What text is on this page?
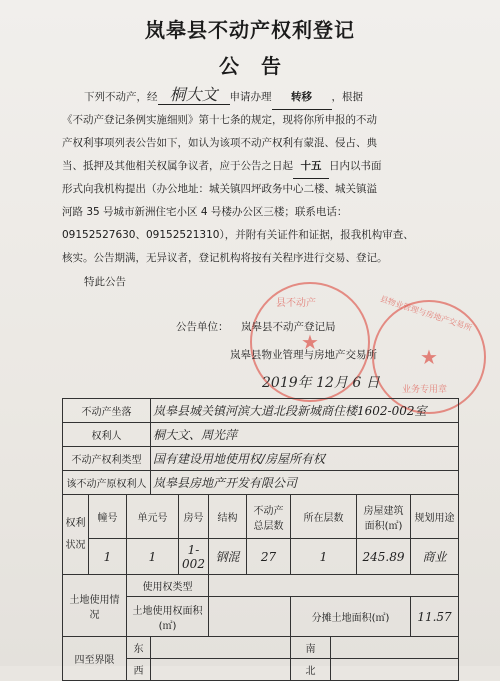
岚皋县不动产权利登记
公告
下列不动产，经 桐大文 申请办理 转移 ，根据
《不动产登记条例实施细则》第十七条的规定，现将你所申报的不动
产权利事项列表公告如下，如认为该项不动产权利有蒙混、侵占、典
当、抵押及其他相关权属争议者，应于公告之日起 十五 日内以书面
形式向我机构提出（办公地址：城关镇四坪政务中心二楼、城关镇溢
河路 35 号城市新洲住宅小区 4 号楼办公区三楼；联系电话：
09152527630、09152521310），并附有关证件和证据，报我机构审查、
核实。公告期满，无异议者，登记机构将按有关程序进行交易、登记。
特此公告
★
县不动产
★
县物业管理与房地产交易所
业务专用章
公告单位： 岚皋县不动产登记局
岚皋县物业管理与房地产交易所
2019年 12月 6 日
不动产坐落			岚皋县城关镇河滨大道北段新城商住楼1602-002室							
权利人			桐大文、周光萍							
不动产权利类型			国有建设用地使用权/房屋所有权							
该不动产原权利人			岚皋县房地产开发有限公司							
权利状况	幢号	单元号		房号	结构	不动产总层数	所在层数		房屋建筑面积(㎡)	规划用途
	1	1		1-002	钢混	27	1		245.89	商业
土地使用情况		使用权类型								
		土地使用权面积(㎡)					分摊土地面积(㎡)			11.57
四至界限		东					南			
		西					北			
